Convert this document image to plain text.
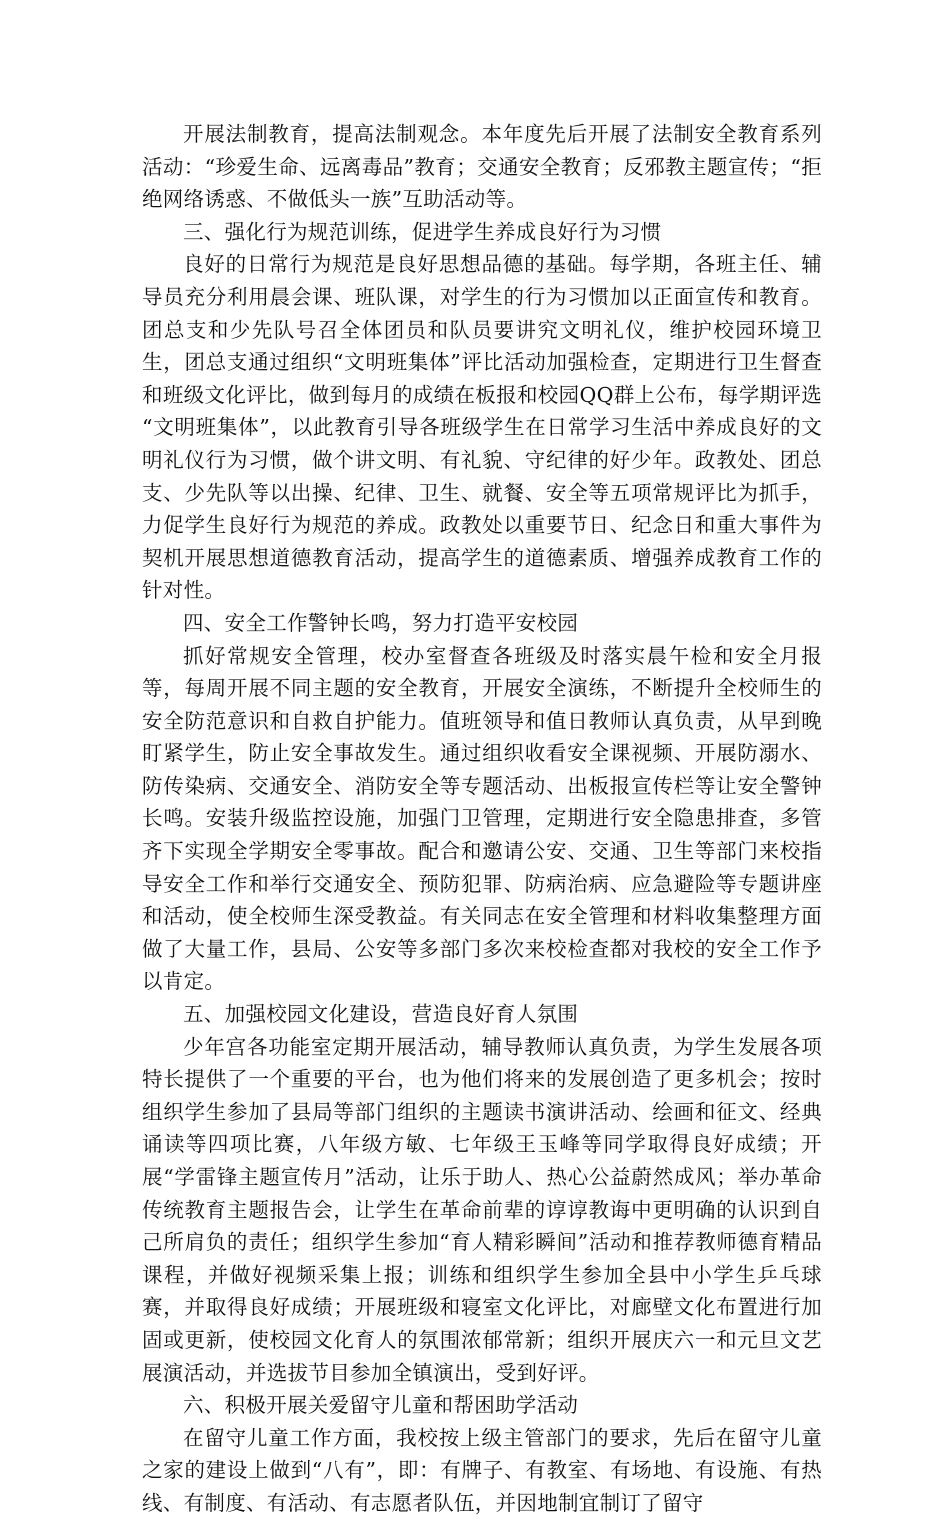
开展法制教育，提高法制观念。本年度先后开展了法制安全教育系列活动：“珍爱生命、远离毒品”教育；交通安全教育；反邪教主题宣传；“拒绝网络诱惑、不做低头一族”互助活动等。

三、强化行为规范训练，促进学生养成良好行为习惯

良好的日常行为规范是良好思想品德的基础。每学期，各班主任、辅导员充分利用晨会课、班队课，对学生的行为习惯加以正面宣传和教育。团总支和少先队号召全体团员和队员要讲究文明礼仪，维护校园环境卫生，团总支通过组织“文明班集体”评比活动加强检查，定期进行卫生督查和班级文化评比，做到每月的成绩在板报和校园QQ群上公布，每学期评选 “文明班集体”，以此教育引导各班级学生在日常学习生活中养成良好的文明礼仪行为习惯，做个讲文明、有礼貌、守纪律的好少年。政教处、团总支、少先队等以出操、纪律、卫生、就餐、安全等五项常规评比为抓手，力促学生良好行为规范的养成。政教处以重要节日、纪念日和重大事件为契机开展思想道德教育活动，提高学生的道德素质、增强养成教育工作的针对性。

四、安全工作警钟长鸣，努力打造平安校园

抓好常规安全管理，校办室督查各班级及时落实晨午检和安全月报等，每周开展不同主题的安全教育，开展安全演练，不断提升全校师生的安全防范意识和自救自护能力。值班领导和值日教师认真负责，从早到晚盯紧学生，防止安全事故发生。通过组织收看安全课视频、开展防溺水、防传染病、交通安全、消防安全等专题活动、出板报宣传栏等让安全警钟长鸣。安装升级监控设施，加强门卫管理，定期进行安全隐患排查，多管齐下实现全学期安全零事故。配合和邀请公安、交通、卫生等部门来校指导安全工作和举行交通安全、预防犯罪、防病治病、应急避险等专题讲座和活动，使全校师生深受教益。有关同志在安全管理和材料收集整理方面做了大量工作，县局、公安等多部门多次来校检查都对我校的安全工作予以肯定。

五、加强校园文化建设，营造良好育人氛围

少年宫各功能室定期开展活动，辅导教师认真负责，为学生发展各项特长提供了一个重要的平台，也为他们将来的发展创造了更多机会；按时组织学生参加了县局等部门组织的主题读书演讲活动、绘画和征文、经典诵读等四项比赛，八年级方敏、七年级王玉峰等同学取得良好成绩；开展“学雷锋主题宣传月”活动，让乐于助人、热心公益蔚然成风；举办革命传统教育主题报告会，让学生在革命前辈的谆谆教诲中更明确的认识到自己所肩负的责任；组织学生参加“育人精彩瞬间”活动和推荐教师德育精品课程，并做好视频采集上报；训练和组织学生参加全县中小学生乒乓球赛，并取得良好成绩；开展班级和寝室文化评比，对廊壁文化布置进行加固或更新，使校园文化育人的氛围浓郁常新；组织开展庆六一和元旦文艺展演活动，并选拔节目参加全镇演出，受到好评。

六、积极开展关爱留守儿童和帮困助学活动

在留守儿童工作方面，我校按上级主管部门的要求，先后在留守儿童之家的建设上做到“八有”，即：有牌子、有教室、有场地、有设施、有热线、有制度、有活动、有志愿者队伍，并因地制宜制订了留守
